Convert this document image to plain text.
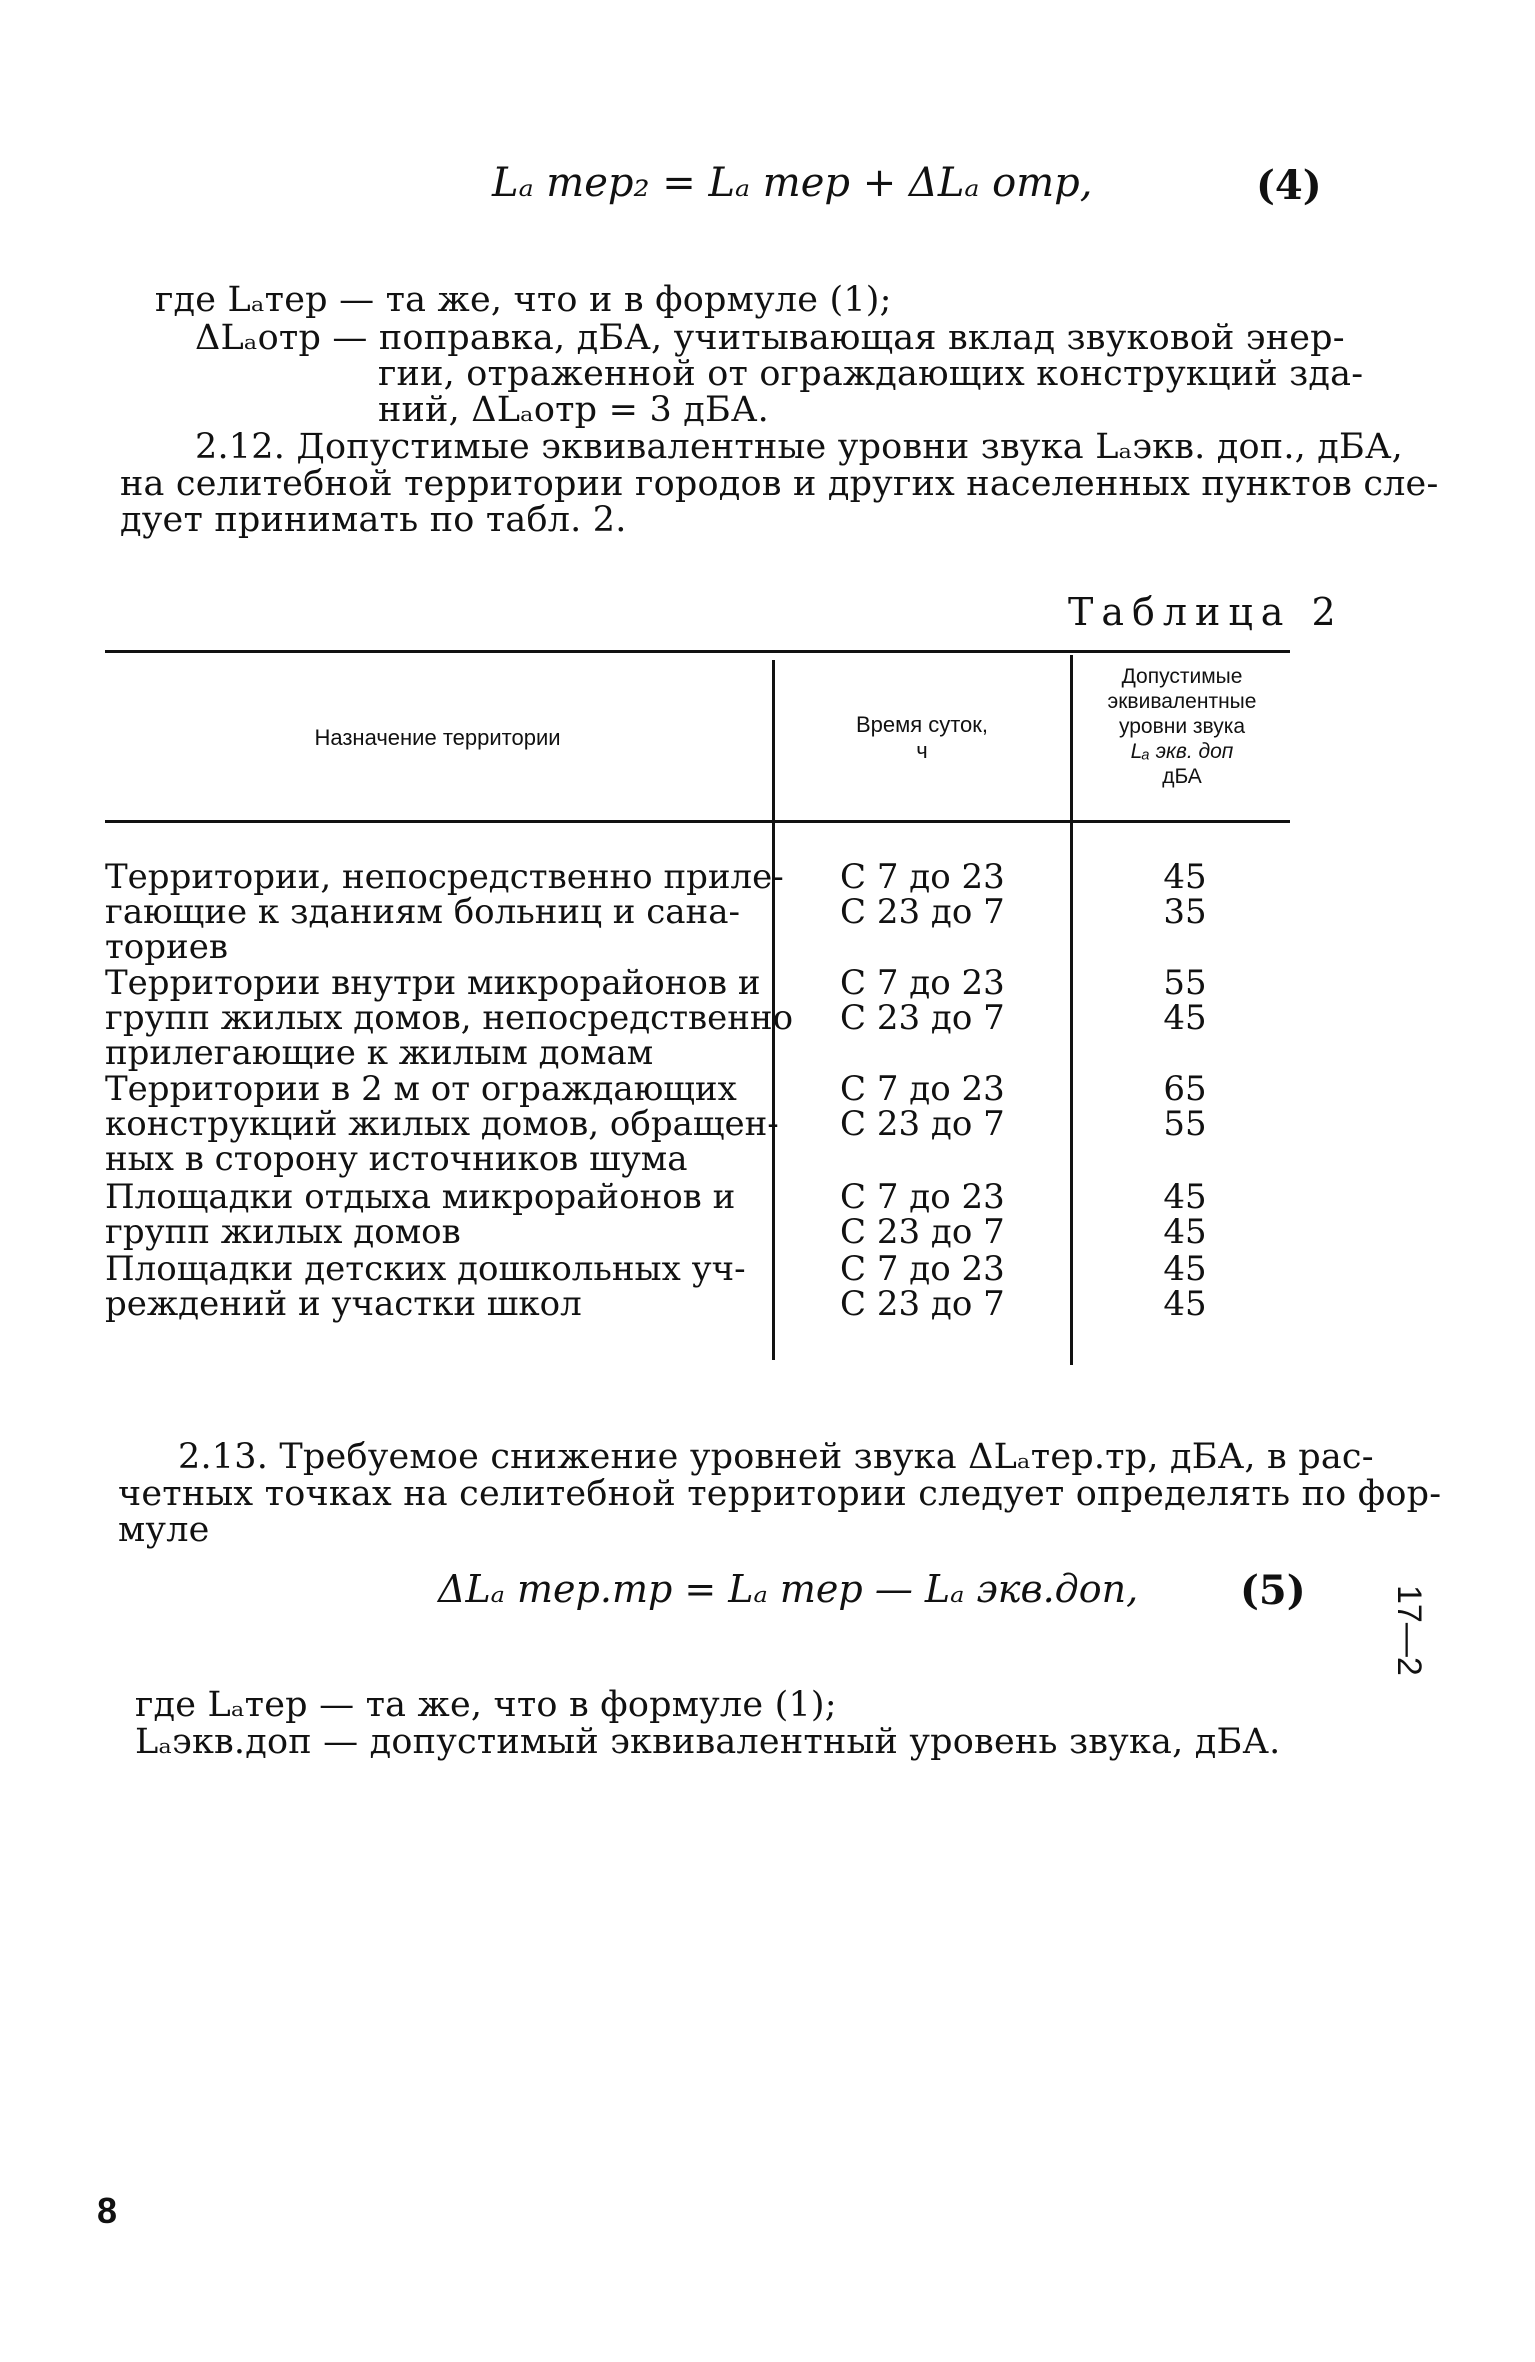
Lₐ тер₂ = Lₐ тер + ΔLₐ отр,	(4)
где Lₐтер — та же, что и в формуле (1);
ΔLₐотр — поправка, дБА, учитывающая вклад звуковой энер-
гии, отраженной от ограждающих конструкций зда-
ний, ΔLₐотр = 3 дБА.
2.12. Допустимые эквивалентные уровни звука Lₐэкв. доп., дБА,
на селитебной территории городов и других населенных пунктов сле-
дует принимать по табл. 2.
Таблица 2
Назначение территории
Время суток,
ч
Допустимые
эквивалентные
уровни звука
Lₐ экв. доп
дБА
Территории, непосредственно приле-
гающие к зданиям больниц и сана-
ториев
С 7 до 23
С 23 до 7
45
35
Территории внутри микрорайонов и
групп жилых домов, непосредственно
прилегающие к жилым домам
С 7 до 23
С 23 до 7
55
45
Территории в 2 м от ограждающих
конструкций жилых домов, обращен-
ных в сторону источников шума
С 7 до 23
С 23 до 7
65
55
Площадки отдыха микрорайонов и
групп жилых домов
С 7 до 23
С 23 до 7
45
45
Площадки детских дошкольных уч-
реждений и участки школ
С 7 до 23
С 23 до 7
45
45
2.13. Требуемое снижение уровней звука ΔLₐтер.тр, дБА, в рас-
четных точках на селитебной территории следует определять по фор-
муле
ΔLₐ тер.тр = Lₐ тер — Lₐ экв.доп,	(5) 17—2
где Lₐтер — та же, что в формуле (1);
Lₐэкв.доп — допустимый эквивалентный уровень звука, дБА.
8
